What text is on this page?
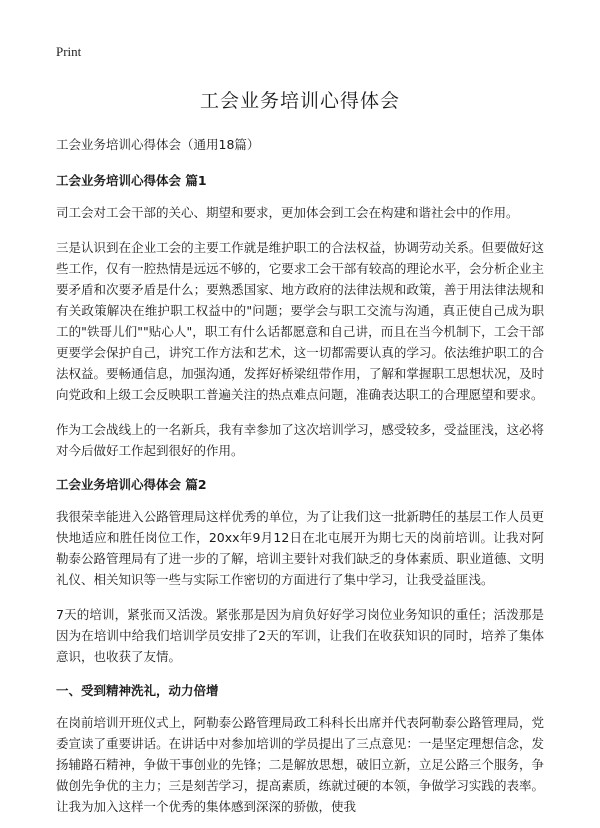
Print
工会业务培训心得体会

工会业务培训心得体会（通用18篇）

工会业务培训心得体会 篇1

司工会对工会干部的关心、期望和要求，更加体会到工会在构建和谐社会中的作用。

三是认识到在企业工会的主要工作就是维护职工的合法权益，协调劳动关系。但要做好这些工作，仅有一腔热情是远远不够的，它要求工会干部有较高的理论水平，会分析企业主要矛盾和次要矛盾是什么；要熟悉国家、地方政府的法律法规和政策，善于用法律法规和有关政策解决在维护职工权益中的"问题；要学会与职工交流与沟通，真正使自己成为职工的"铁哥儿们""贴心人"，职工有什么话都愿意和自己讲，而且在当今机制下，工会干部更要学会保护自己，讲究工作方法和艺术，这一切都需要认真的学习。依法维护职工的合法权益。要畅通信息，加强沟通，发挥好桥梁纽带作用，了解和掌握职工思想状况，及时向党政和上级工会反映职工普遍关注的热点难点问题，准确表达职工的合理愿望和要求。

作为工会战线上的一名新兵，我有幸参加了这次培训学习，感受较多，受益匪浅，这必将对今后做好工作起到很好的作用。

工会业务培训心得体会 篇2

我很荣幸能进入公路管理局这样优秀的单位，为了让我们这一批新聘任的基层工作人员更快地适应和胜任岗位工作，20xx年9月12日在北屯展开为期七天的岗前培训。让我对阿勒泰公路管理局有了进一步的了解，培训主要针对我们缺乏的身体素质、职业道德、文明礼仪、相关知识等一些与实际工作密切的方面进行了集中学习，让我受益匪浅。

7天的培训，紧张而又活泼。紧张那是因为肩负好好学习岗位业务知识的重任；活泼那是因为在培训中给我们培训学员安排了2天的军训，让我们在收获知识的同时，培养了集体意识，也收获了友情。

一、受到精神洗礼，动力倍增

在岗前培训开班仪式上，阿勒泰公路管理局政工科科长出席并代表阿勒泰公路管理局，党委宣读了重要讲话。在讲话中对参加培训的学员提出了三点意见：一是坚定理想信念，发扬辅路石精神，争做干事创业的先锋；二是解放思想，破旧立新，立足公路三个服务，争做创先争优的主力；三是刻苦学习，提高素质，练就过硬的本领，争做学习实践的表率。让我为加入这样一个优秀的集体感到深深的骄傲，使我
